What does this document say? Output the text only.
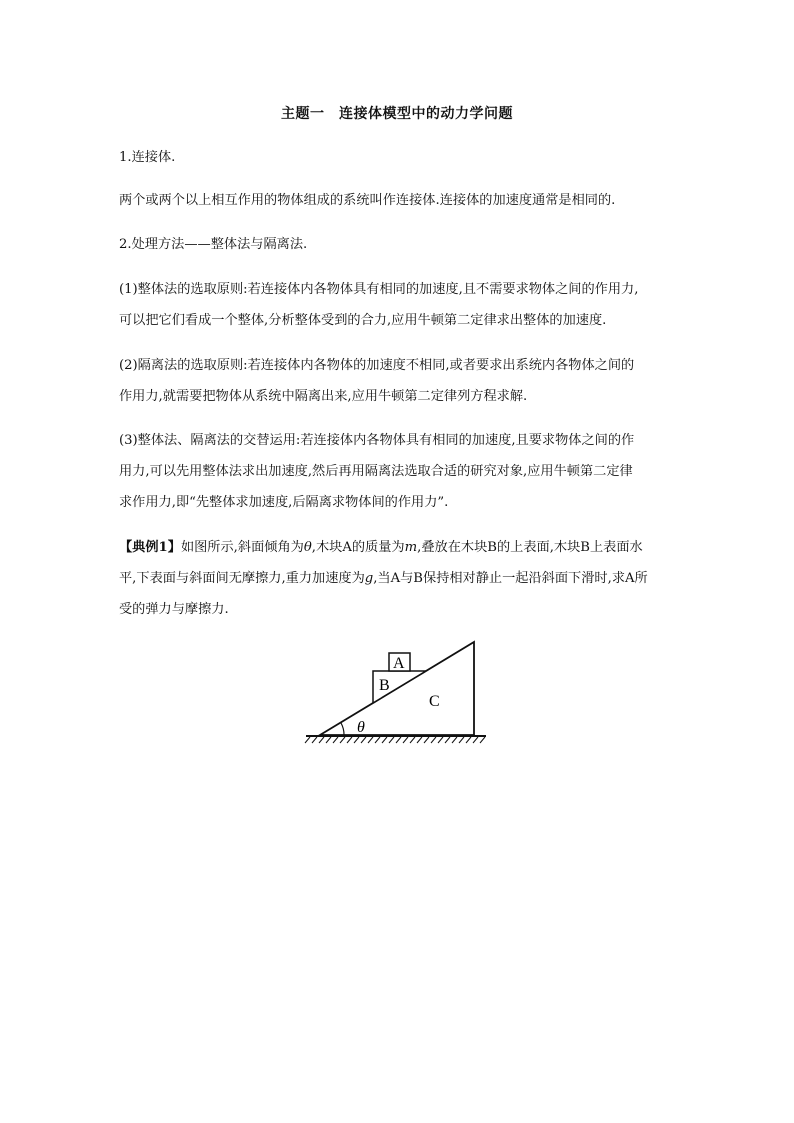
主题一　连接体模型中的动力学问题
1.连接体.
两个或两个以上相互作用的物体组成的系统叫作连接体.连接体的加速度通常是相同的.
2.处理方法——整体法与隔离法.
(1)整体法的选取原则:若连接体内各物体具有相同的加速度,且不需要求物体之间的作用力,
可以把它们看成一个整体,分析整体受到的合力,应用牛顿第二定律求出整体的加速度.
(2)隔离法的选取原则:若连接体内各物体的加速度不相同,或者要求出系统内各物体之间的
作用力,就需要把物体从系统中隔离出来,应用牛顿第二定律列方程求解.
(3)整体法、隔离法的交替运用:若连接体内各物体具有相同的加速度,且要求物体之间的作
用力,可以先用整体法求出加速度,然后再用隔离法选取合适的研究对象,应用牛顿第二定律
求作用力,即“先整体求加速度,后隔离求物体间的作用力”.
【典例1】如图所示,斜面倾角为θ,木块A的质量为m,叠放在木块B的上表面,木块B上表面水
平,下表面与斜面间无摩擦力,重力加速度为g,当A与B保持相对静止一起沿斜面下滑时,求A所
受的弹力与摩擦力.
A
B
C
θ
